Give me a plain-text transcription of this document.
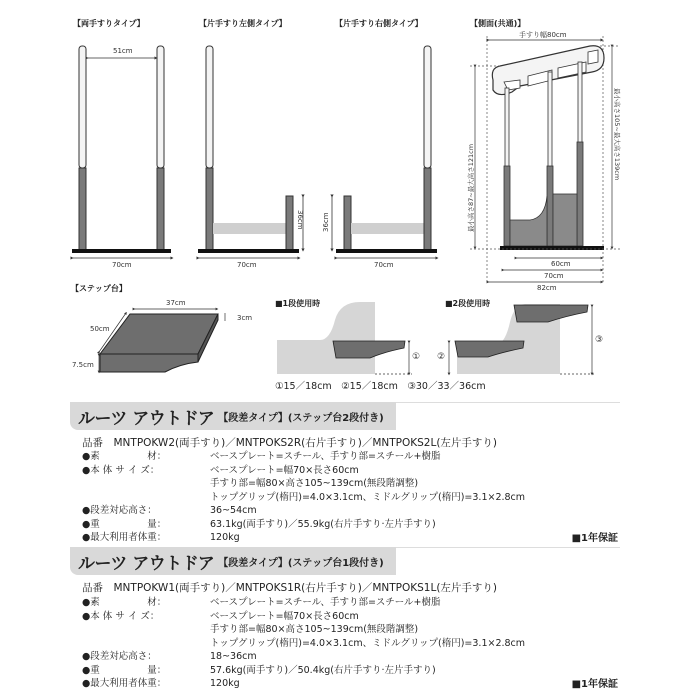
【両手すりタイプ】
51cm
70cm
【片手すり左側タイプ】
36cm
70cm
【片手すり右側タイプ】
36cm
70cm
【側面(共通)】
手すり幅80cm
最小高さ87~最大高さ121cm
最小高さ105~最大高さ139cm
60cm
70cm
82cm
【ステップ台】
37cm
50cm
3cm
7.5cm
■1段使用時
①
■2段使用時
②
③
①15／18cm　②15／18cm　③30／33／36cm
ルーツ アウトドア 【段差タイプ】 (ステップ台2段付き)
品番　MNTPOKW2(両手すり)／MNTPOKS2R(右片手すり)／MNTPOKS2L(左片手すり)
●素　　　　　材：	ベースプレート=スチール、手すり部=スチール+樹脂
●本 体 サ イ ズ：	ベースプレート=幅70×長さ60cm
手すり部=幅80×高さ105~139cm(無段階調整)
トップグリップ(楕円)=4.0×3.1cm、ミドルグリップ(楕円)=3.1×2.8cm
●段差対応高さ：	36~54cm
●重　　　　　量：	63.1kg(両手すり)／55.9kg(右片手すり·左片手すり)
●最大利用者体重：	120kg	■1年保証
ルーツ アウトドア 【段差タイプ】 (ステップ台1段付き)
品番　MNTPOKW1(両手すり)／MNTPOKS1R(右片手すり)／MNTPOKS1L(左片手すり)
●素　　　　　材：	ベースプレート=スチール、手すり部=スチール+樹脂
●本 体 サ イ ズ：	ベースプレート=幅70×長さ60cm
手すり部=幅80×高さ105~139cm(無段階調整)
トップグリップ(楕円)=4.0×3.1cm、ミドルグリップ(楕円)=3.1×2.8cm
●段差対応高さ：	18~36cm
●重　　　　　量：	57.6kg(両手すり)／50.4kg(右片手すり·左片手すり)
●最大利用者体重：	120kg	■1年保証
